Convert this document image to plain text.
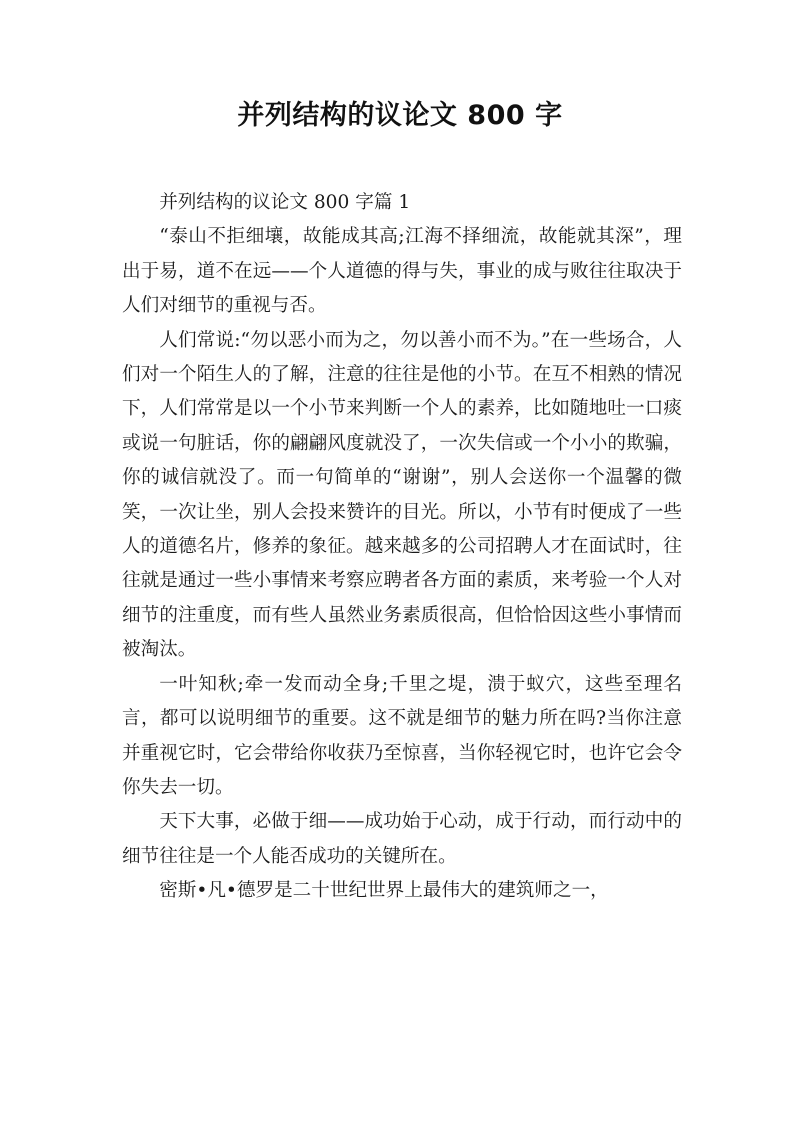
并列结构的议论文 800 字

并列结构的议论文 800 字篇 1

“泰山不拒细壤，故能成其高;江海不择细流，故能就其深”，理出于易，道不在远——个人道德的得与失，事业的成与败往往取决于人们对细节的重视与否。

人们常说:“勿以恶小而为之，勿以善小而不为。”在一些场合，人们对一个陌生人的了解，注意的往往是他的小节。在互不相熟的情况下，人们常常是以一个小节来判断一个人的素养，比如随地吐一口痰或说一句脏话，你的翩翩风度就没了，一次失信或一个小小的欺骗，你的诚信就没了。而一句简单的“谢谢”，别人会送你一个温馨的微笑，一次让坐，别人会投来赞许的目光。所以，小节有时便成了一些人的道德名片，修养的象征。越来越多的公司招聘人才在面试时，往往就是通过一些小事情来考察应聘者各方面的素质，来考验一个人对细节的注重度，而有些人虽然业务素质很高，但恰恰因这些小事情而被淘汰。

一叶知秋;牵一发而动全身;千里之堤，溃于蚁穴，这些至理名言，都可以说明细节的重要。这不就是细节的魅力所在吗?当你注意并重视它时，它会带给你收获乃至惊喜，当你轻视它时，也许它会令你失去一切。

天下大事，必做于细——成功始于心动，成于行动，而行动中的细节往往是一个人能否成功的关键所在。

密斯•凡•德罗是二十世纪世界上最伟大的建筑师之一，
